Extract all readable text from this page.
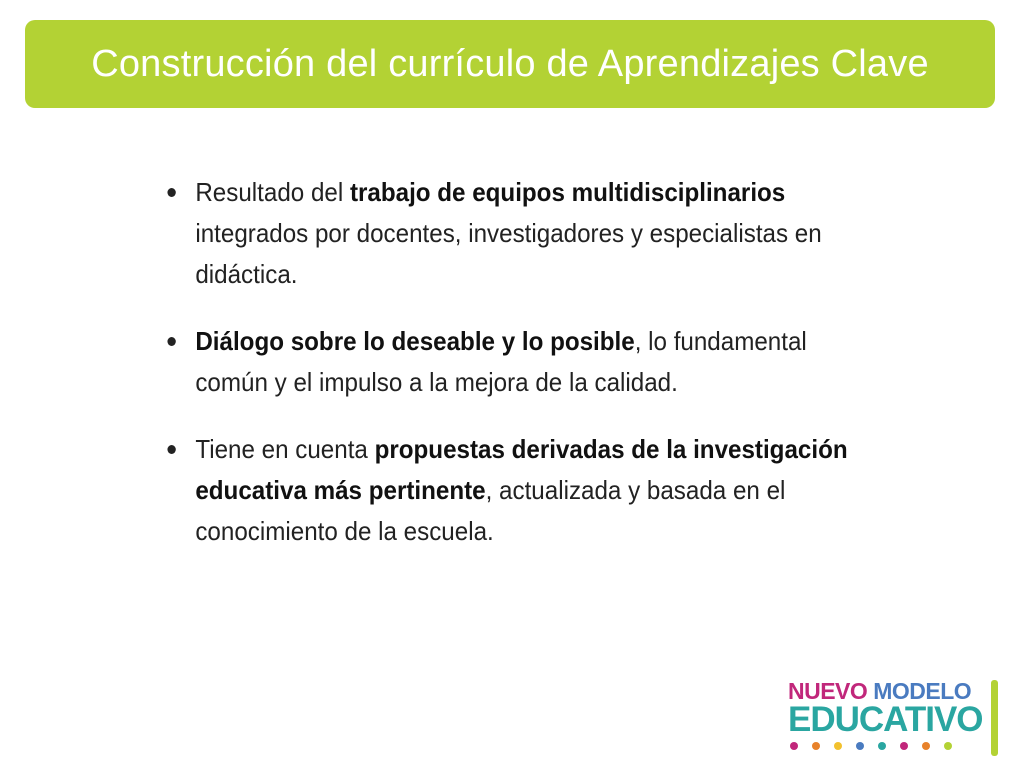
Construcción del currículo de Aprendizajes Clave
Resultado del trabajo de equipos multidisciplinarios integrados por docentes, investigadores y especialistas en didáctica.
Diálogo sobre lo deseable y lo posible, lo fundamental común y el impulso a la mejora de la calidad.
Tiene en cuenta propuestas derivadas de la investigación educativa más pertinente, actualizada y basada en el conocimiento de la escuela.
NUEVO MODELO
EDUCATIVO
